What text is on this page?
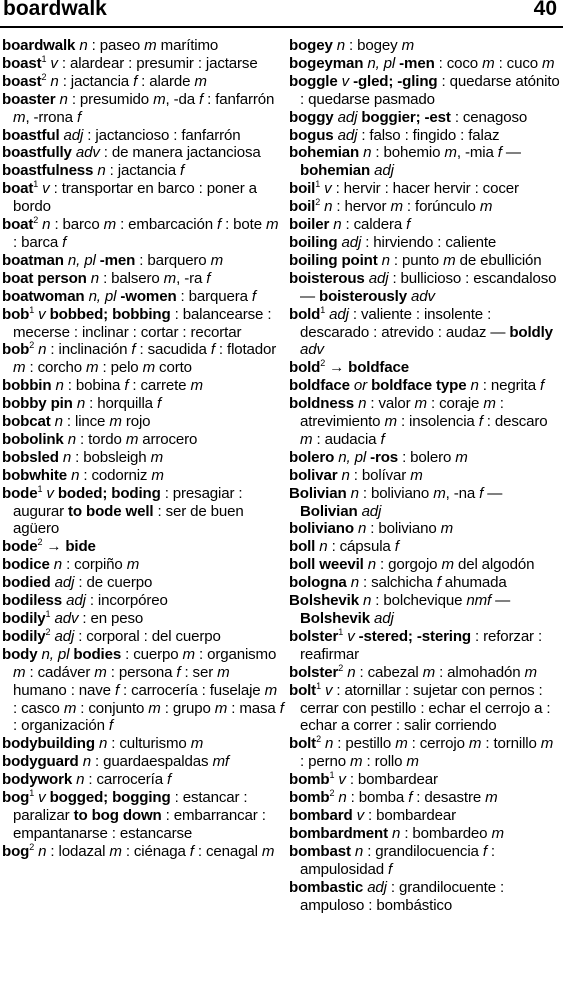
boardwalk	40

boardwalk n : paseo m marítimo

boast$^1$ v : alardear : presumir : jactarse

boast$^2$ n : jactancia f : alarde m

boaster n : presumido m, -da f : fanfarrón m, -rrona f

boastful adj : jactancioso : fanfarrón

boastfully adv : de manera jactanciosa

boastfulness n : jactancia f

boat$^1$ v : transportar en barco : poner a bordo

boat$^2$ n : barco m : embarcación f : bote m : barca f

boatman n, pl -men : barquero m

boat person n : balsero m, -ra f

boatwoman n, pl -women : barquera f

bob$^1$ v bobbed; bobbing : balancearse : mecerse : inclinar : cortar : recortar

bob$^2$ n : inclinación f : sacudida f : flotador m : corcho m : pelo m corto

bobbin n : bobina f : carrete m

bobby pin n : horquilla f

bobcat n : lince m rojo

bobolink n : tordo m arrocero

bobsled n : bobsleigh m

bobwhite n : codorniz m

bode$^1$ v boded; boding : presagiar : augurar to bode well : ser de buen agüero

bode$^2$ → bide

bodice n : corpiño m

bodied adj : de cuerpo

bodiless adj : incorpóreo

bodily$^1$ adv : en peso

bodily$^2$ adj : corporal : del cuerpo

body n, pl bodies : cuerpo m : organismo m : cadáver m : persona f : ser m humano : nave f : carrocería : fuselaje m : casco m : conjunto m : grupo m : masa f : organización f

bodybuilding n : culturismo m

bodyguard n : guardaespaldas mf

bodywork n : carrocería f

bog$^1$ v bogged; bogging : estancar : paralizar to bog down : embarrancar : empantanarse : estancarse

bog$^2$ n : lodazal m : ciénaga f : cenagal m

bogey n : bogey m

bogeyman n, pl -men : coco m : cuco m

boggle v -gled; -gling : quedarse atónito : quedarse pasmado

boggy adj boggier; -est : cenagoso

bogus adj : falso : fingido : falaz

bohemian n : bohemio m, -mia f — bohemian adj

boil$^1$ v : hervir : hacer hervir : cocer

boil$^2$ n : hervor m : forúnculo m

boiler n : caldera f

boiling adj : hirviendo : caliente

boiling point n : punto m de ebullición

boisterous adj : bullicioso : escandaloso — boisterously adv

bold$^1$ adj : valiente : insolente : descarado : atrevido : audaz — boldly adv

bold$^2$ → boldface

boldface or boldface type n : negrita f

boldness n : valor m : coraje m : atrevimiento m : insolencia f : descaro m : audacia f

bolero n, pl -ros : bolero m

bolivar n : bolívar m

Bolivian n : boliviano m, -na f — Bolivian adj

boliviano n : boliviano m

boll n : cápsula f

boll weevil n : gorgojo m del algodón

bologna n : salchicha f ahumada

Bolshevik n : bolchevique nmf — Bolshevik adj

bolster$^1$ v -stered; -stering : reforzar : reafirmar

bolster$^2$ n : cabezal m : almohadón m

bolt$^1$ v : atornillar : sujetar con pernos : cerrar con pestillo : echar el cerrojo a : echar a correr : salir corriendo

bolt$^2$ n : pestillo m : cerrojo m : tornillo m : perno m : rollo m

bomb$^1$ v : bombardear

bomb$^2$ n : bomba f : desastre m

bombard v : bombardear

bombardment n : bombardeo m

bombast n : grandilocuencia f : ampulosidad f

bombastic adj : grandilocuente : ampuloso : bombástico
